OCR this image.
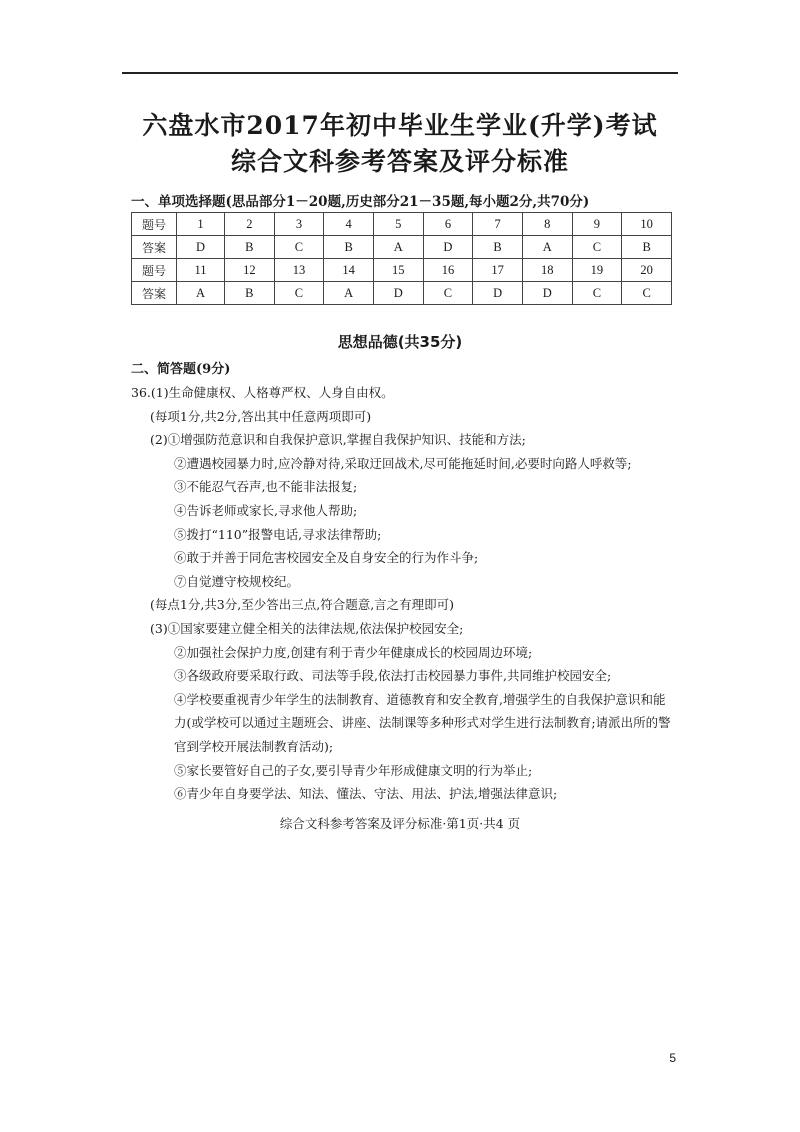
六盘水市2017年初中毕业生学业(升学)考试
综合文科参考答案及评分标准
一、单项选择题(思品部分1－20题,历史部分21－35题,每小题2分,共70分)
题号	1	2	3	4	5	6	7	8	9	10
答案	D	B	C	B	A	D	B	A	C	B
题号	11	12	13	14	15	16	17	18	19	20
答案	A	B	C	A	D	C	D	D	C	C
思想品德(共35分)
二、简答题(9分)

36.(1)生命健康权、人格尊严权、人身自由权。

(每项1分,共2分,答出其中任意两项即可)

(2)①增强防范意识和自我保护意识,掌握自我保护知识、技能和方法;

②遭遇校园暴力时,应冷静对待,采取迂回战术,尽可能拖延时间,必要时向路人呼救等;

③不能忍气吞声,也不能非法报复;

④告诉老师或家长,寻求他人帮助;

⑤拨打“110”报警电话,寻求法律帮助;

⑥敢于并善于同危害校园安全及自身安全的行为作斗争;

⑦自觉遵守校规校纪。

(每点1分,共3分,至少答出三点,符合题意,言之有理即可)

(3)①国家要建立健全相关的法律法规,依法保护校园安全;

②加强社会保护力度,创建有利于青少年健康成长的校园周边环境;

③各级政府要采取行政、司法等手段,依法打击校园暴力事件,共同维护校园安全;

④学校要重视青少年学生的法制教育、道德教育和安全教育,增强学生的自我保护意识和能力(或学校可以通过主题班会、讲座、法制课等多种形式对学生进行法制教育;请派出所的警官到学校开展法制教育活动);

⑤家长要管好自己的子女,要引导青少年形成健康文明的行为举止;

⑥青少年自身要学法、知法、懂法、守法、用法、护法,增强法律意识;

综合文科参考答案及评分标准·第1页·共4 页
5
